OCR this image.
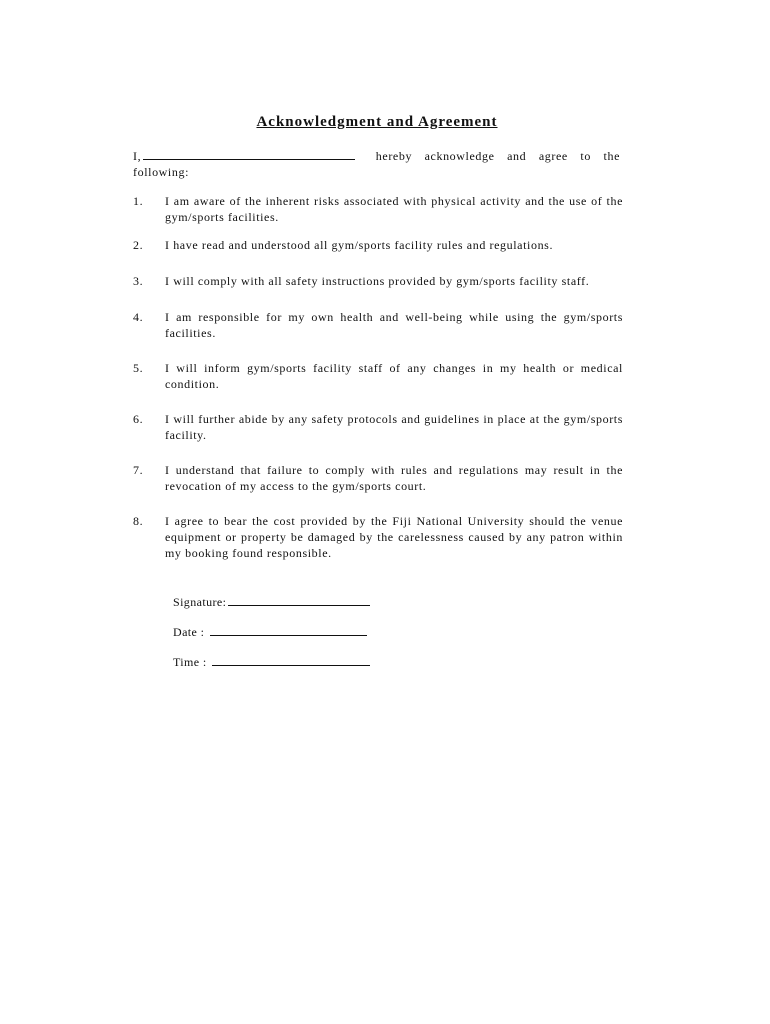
Acknowledgment and Agreement
I,	hereby acknowledge and agree to the following:
1.	I am aware of the inherent risks associated with physical activity and the use of the gym/sports facilities.
2.	I have read and understood all gym/sports facility rules and regulations.
3.	I will comply with all safety instructions provided by gym/sports facility staff.
4.	I am responsible for my own health and well-being while using the gym/sports facilities.
5.	I will inform gym/sports facility staff of any changes in my health or medical condition.
6.	I will further abide by any safety protocols and guidelines in place at the gym/sports facility.
7.	I understand that failure to comply with rules and regulations may result in the revocation of my access to the gym/sports court.
8.	I agree to bear the cost provided by the Fiji National University should the venue equipment or property be damaged by the carelessness caused by any patron within my booking found responsible.
Signature:
Date :
Time :
